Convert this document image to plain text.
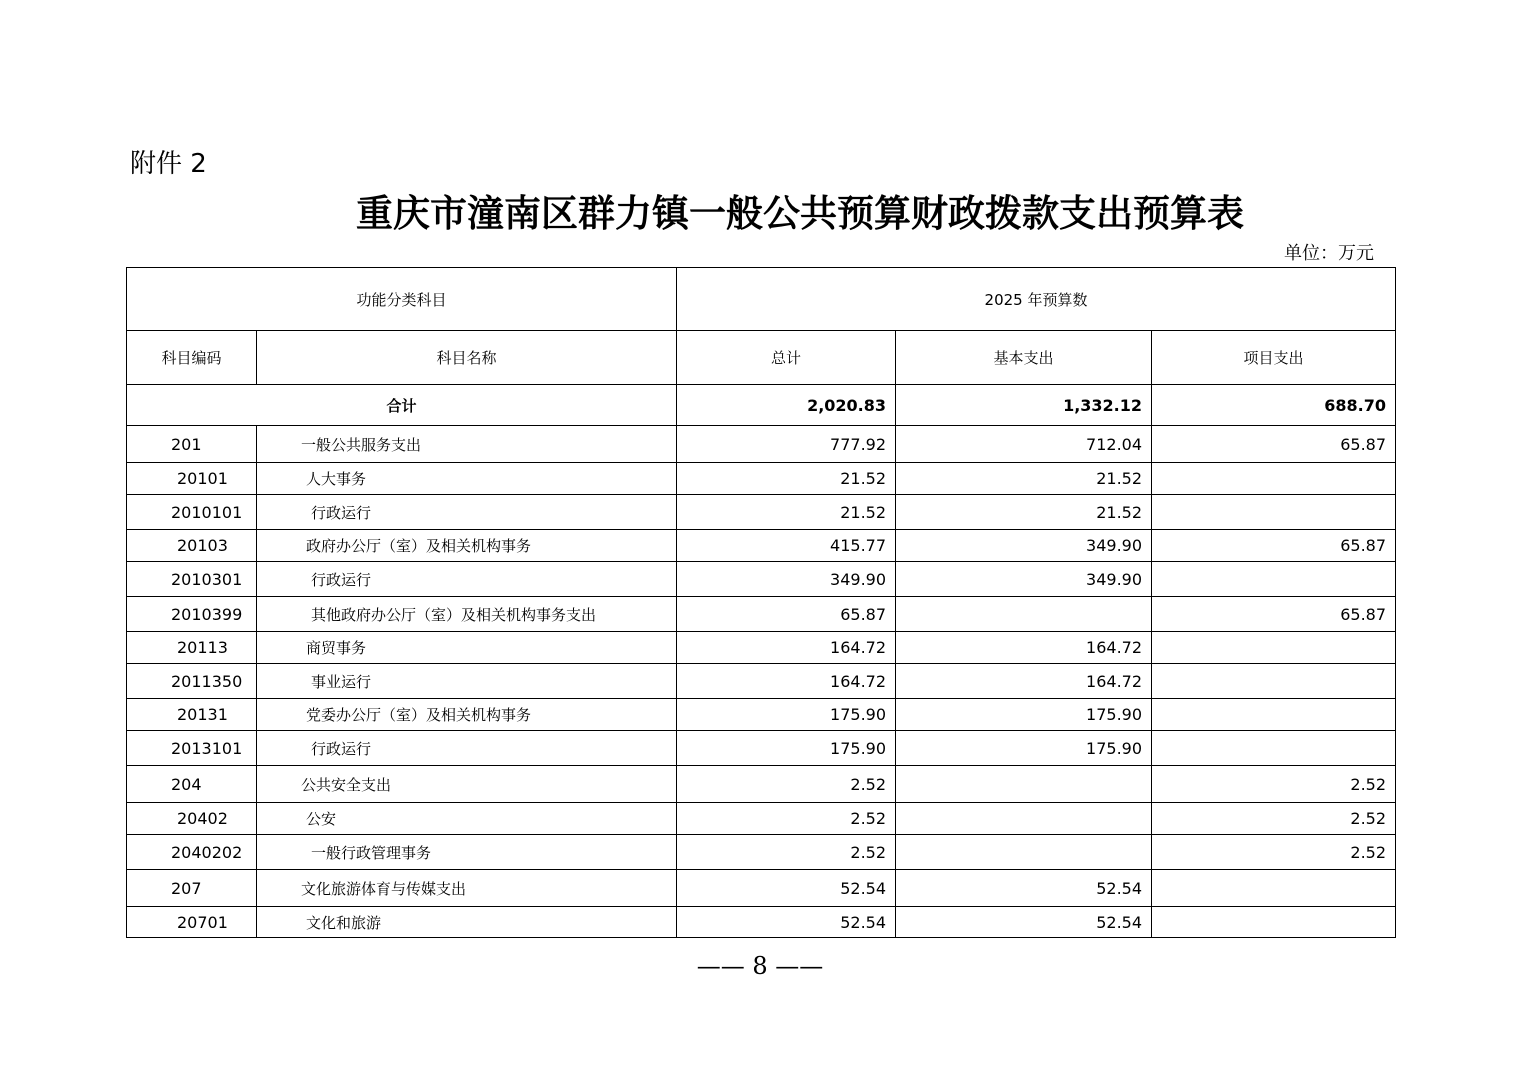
附件 2
重庆市潼南区群力镇一般公共预算财政拨款支出预算表
单位：万元
功能分类科目		2025 年预算数		
科目编码	科目名称	总计	基本支出	项目支出
合计		2,020.83	1,332.12	688.70
201	一般公共服务支出	777.92	712.04	65.87
20101	人大事务	21.52	21.52	
2010101	行政运行	21.52	21.52	
20103	政府办公厅（室）及相关机构事务	415.77	349.90	65.87
2010301	行政运行	349.90	349.90	
2010399	其他政府办公厅（室）及相关机构事务支出	65.87		65.87
20113	商贸事务	164.72	164.72	
2011350	事业运行	164.72	164.72	
20131	党委办公厅（室）及相关机构事务	175.90	175.90	
2013101	行政运行	175.90	175.90	
204	公共安全支出	2.52		2.52
20402	公安	2.52		2.52
2040202	一般行政管理事务	2.52		2.52
207	文化旅游体育与传媒支出	52.54	52.54	
20701	文化和旅游	52.54	52.54	
—— 8 ——
